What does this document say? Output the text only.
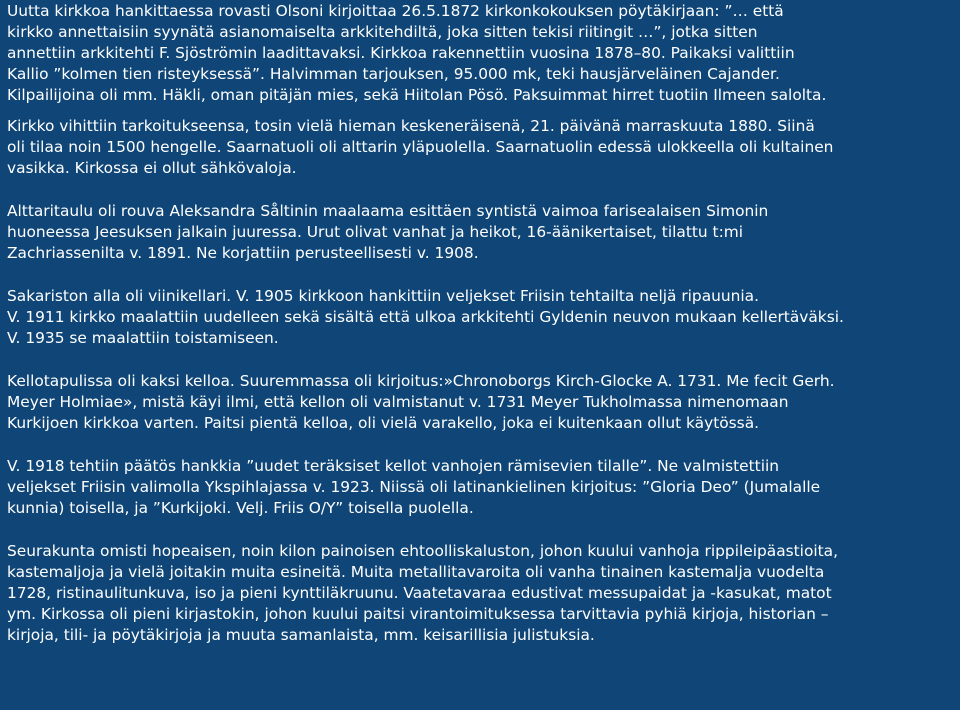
Uutta kirkkoa hankittaessa rovasti Olsoni kirjoittaa 26.5.1872 kirkonkokouksen pöytäkirjaan: ”… että
kirkko annettaisiin syynätä asianomaiselta arkkitehdiltä, joka sitten tekisi riitingit …”, jotka sitten
annettiin arkkitehti F. Sjöströmin laadittavaksi. Kirkkoa rakennettiin vuosina 1878–80. Paikaksi valittiin
Kallio ”kolmen tien risteyksessä”. Halvimman tarjouksen, 95.000 mk, teki hausjärveläinen Cajander.
Kilpailijoina oli mm. Häkli, oman pitäjän mies, sekä Hiitolan Pösö. Paksuimmat hirret tuotiin Ilmeen salolta.
Kirkko vihittiin tarkoitukseensa, tosin vielä hieman keskeneräisenä, 21. päivänä marraskuuta 1880. Siinä
oli tilaa noin 1500 hengelle. Saarnatuoli oli alttarin yläpuolella. Saarnatuolin edessä ulokkeella oli kultainen
vasikka. Kirkossa ei ollut sähkövaloja.
Alttaritaulu oli rouva Aleksandra Såltinin maalaama esittäen syntistä vaimoa farisealaisen Simonin
huoneessa Jeesuksen jalkain juuressa. Urut olivat vanhat ja heikot, 16-äänikertaiset, tilattu t:mi
Zachriassenilta v. 1891. Ne korjattiin perusteellisesti v. 1908.
Sakariston alla oli viinikellari. V. 1905 kirkkoon hankittiin veljekset Friisin tehtailta neljä ripauunia.
V. 1911 kirkko maalattiin uudelleen sekä sisältä että ulkoa arkkitehti Gyldenin neuvon mukaan kellertäväksi.
V. 1935 se maalattiin toistamiseen.
Kellotapulissa oli kaksi kelloa. Suuremmassa oli kirjoitus:»Chronoborgs Kirch-Glocke A. 1731. Me fecit Gerh.
Meyer Holmiae», mistä käyi ilmi, että kellon oli valmistanut v. 1731 Meyer Tukholmassa nimenomaan
Kurkijoen kirkkoa varten. Paitsi pientä kelloa, oli vielä varakello, joka ei kuitenkaan ollut käytössä.
V. 1918 tehtiin päätös hankkia ”uudet teräksiset kellot vanhojen rämisevien tilalle”. Ne valmistettiin
veljekset Friisin valimolla Ykspihlajassa v. 1923. Niissä oli latinankielinen kirjoitus: ”Gloria Deo” (Jumalalle
kunnia) toisella, ja ”Kurkijoki. Velj. Friis O/Y” toisella puolella.
Seurakunta omisti hopeaisen, noin kilon painoisen ehtoolliskaluston, johon kuului vanhoja rippileipäastioita,
kastemaljoja ja vielä joitakin muita esineitä. Muita metallitavaroita oli vanha tinainen kastemalja vuodelta
1728, ristinaulitunkuva, iso ja pieni kynttiläkruunu. Vaatetavaraa edustivat messupaidat ja -kasukat, matot
ym. Kirkossa oli pieni kirjastokin, johon kuului paitsi virantoimituksessa tarvittavia pyhiä kirjoja, historian –
kirjoja, tili- ja pöytäkirjoja ja muuta samanlaista, mm. keisarillisia julistuksia.
